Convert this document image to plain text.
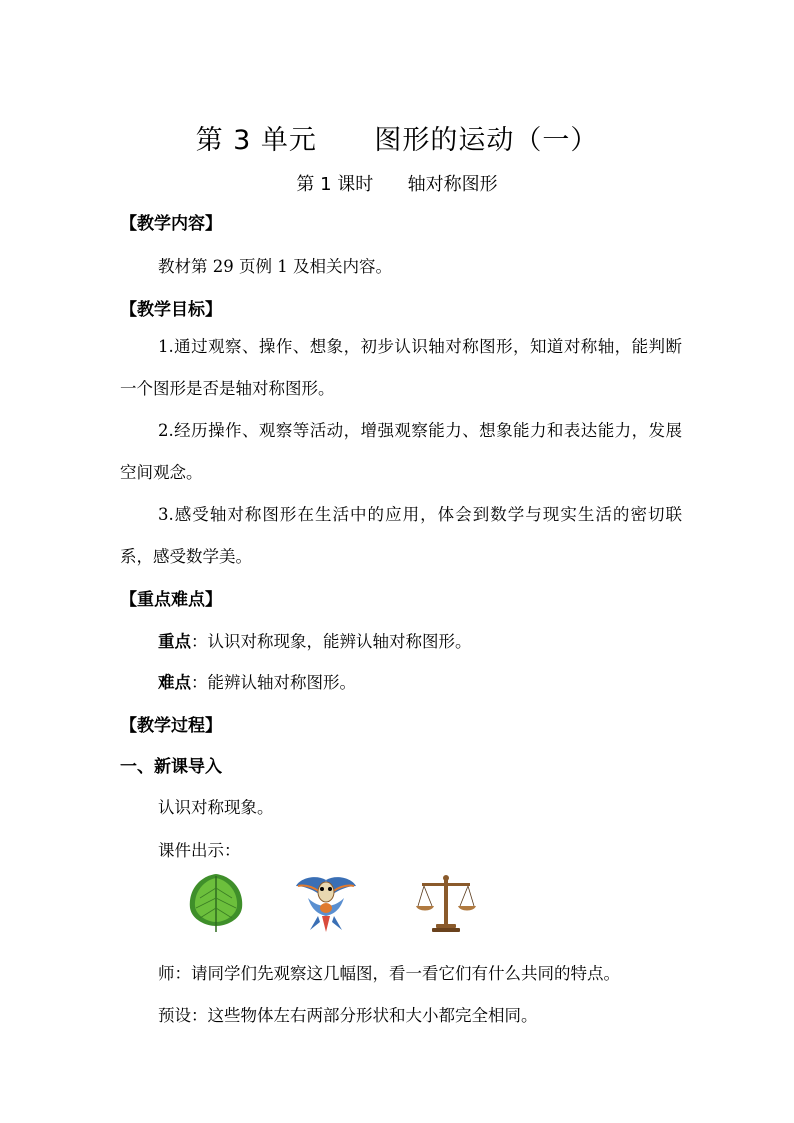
第 3 单元      图形的运动（一）
第 1 课时      轴对称图形
【教学内容】
教材第 29 页例 1 及相关内容。
【教学目标】
1.通过观察、操作、想象，初步认识轴对称图形，知道对称轴，能判断一个图形是否是轴对称图形。
2.经历操作、观察等活动，增强观察能力、想象能力和表达能力，发展空间观念。
3.感受轴对称图形在生活中的应用，体会到数学与现实生活的密切联系，感受数学美。
【重点难点】
重点：认识对称现象，能辨认轴对称图形。
难点：能辨认轴对称图形。
【教学过程】
一、新课导入
认识对称现象。
课件出示：
师：请同学们先观察这几幅图，看一看它们有什么共同的特点。
预设：这些物体左右两部分形状和大小都完全相同。
